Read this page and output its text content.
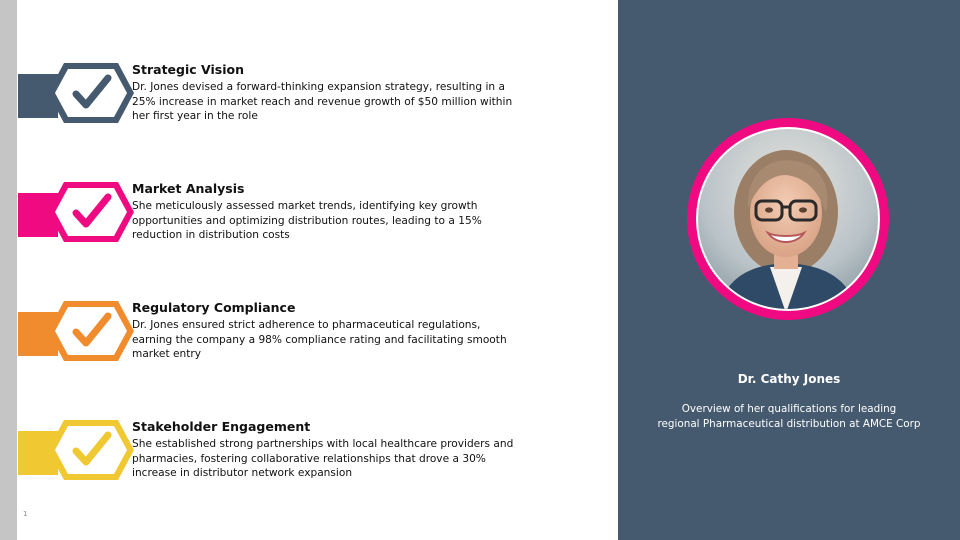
Strategic Vision
Dr. Jones devised a forward-thinking expansion strategy, resulting in a 25% increase in market reach and revenue growth of $50 million within her first year in the role
Market Analysis
She meticulously assessed market trends, identifying key growth opportunities and optimizing distribution routes, leading to a 15% reduction in distribution costs
Regulatory Compliance
Dr. Jones ensured strict adherence to pharmaceutical regulations, earning the company a 98% compliance rating and facilitating smooth market entry
Stakeholder Engagement
She established strong partnerships with local healthcare providers and pharmacies, fostering collaborative relationships that drove a 30% increase in distributor network expansion
1
Dr. Cathy Jones
Overview of her qualifications for leading
regional Pharmaceutical distribution at AMCE Corp
